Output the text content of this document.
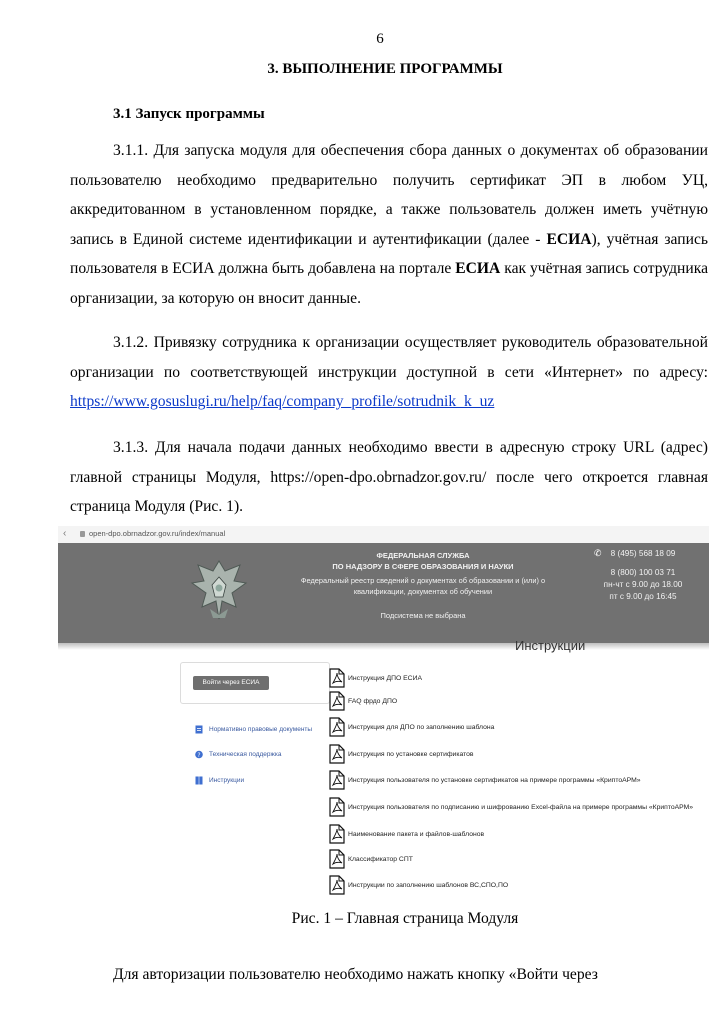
6
3. ВЫПОЛНЕНИЕ ПРОГРАММЫ
3.1 Запуск программы
3.1.1. Для запуска модуля для обеспечения сбора данных о документах об образовании пользователю необходимо предварительно получить сертификат ЭП в любом УЦ, аккредитованном в установленном порядке, а также пользователь должен иметь учётную запись в Единой системе идентификации и аутентификации (далее - ЕСИА), учётная запись пользователя в ЕСИА должна быть добавлена на портале ЕСИА как учётная запись сотрудника организации, за которую он вносит данные.
3.1.2. Привязку сотрудника к организации осуществляет руководитель образовательной организации по соответствующей инструкции доступной в сети «Интернет» по адресу: https://www.gosuslugi.ru/help/faq/company_profile/sotrudnik_k_uz
3.1.3. Для начала подачи данных необходимо ввести в адресную строку URL (адрес) главной страницы Модуля, https://open-dpo.obrnadzor.gov.ru/ после чего откроется главная страница Модуля (Рис. 1).
‹	open-dpo.obrnadzor.gov.ru/index/manual
ФЕДЕРАЛЬНАЯ СЛУЖБА
ПО НАДЗОРУ В СФЕРЕ ОБРАЗОВАНИЯ И НАУКИ
Федеральный реестр сведений о документах об образовании и (или) о
квалификации, документах об обучении
Подсистема не выбрана
✆	8 (495) 568 18 09
8 (800) 100 03 71
пн-чт с 9.00 до 18.00
пт с 9.00 до 16:45
Инструкции
Войти через ЕСИА
Нормативно правовые документы
? Техническая поддержка
Инструкции
Инструкция ДПО ЕСИА
FAQ фрдо ДПО
Инструкция для ДПО по заполнению шаблона
Инструкция по установке сертификатов
Инструкция пользователя по установке сертификатов на примере программы «КриптоАРМ»
Инструкция пользователя по подписанию и шифрованию Excel-файла на примере программы «КриптоАРМ»
Наименование пакета и файлов-шаблонов
Классификатор СПТ
Инструкции по заполнению шаблонов ВС,СПО,ПО
Рис. 1 – Главная страница Модуля
Для авторизации пользователю необходимо нажать кнопку «Войти через
